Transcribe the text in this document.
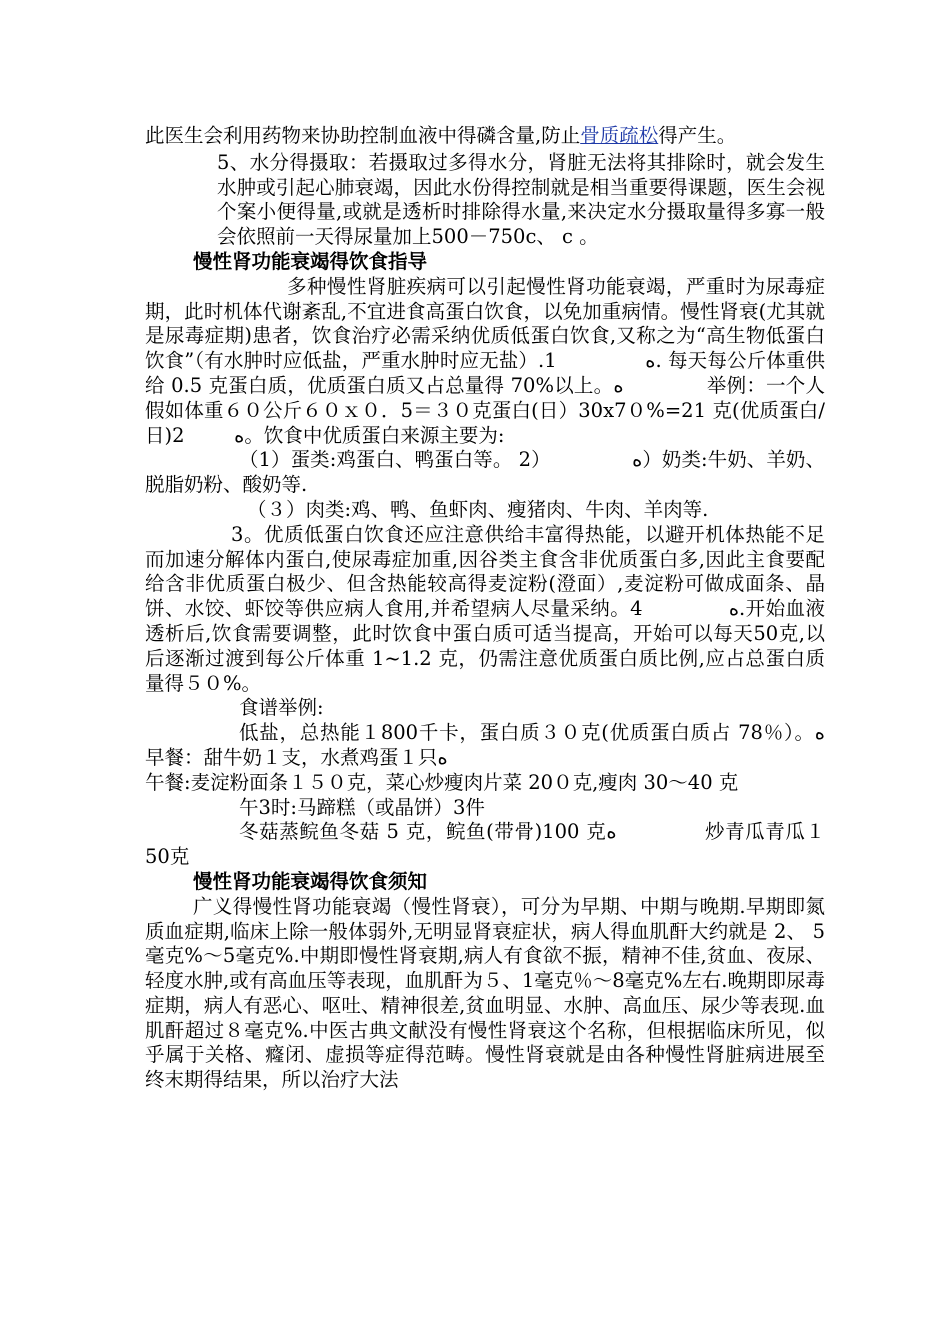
此医生会利用药物来协助控制血液中得磷含量,防止骨质疏松得产生。

5、水分得摄取：若摄取过多得水分，肾脏无法将其排除时，就会发生水肿或引起心肺衰竭，因此水份得控制就是相当重要得课题，医生会视个案小便得量,或就是透析时排除得水量,来决定水分摄取量得多寡一般会依照前一天得尿量加上500－750c、 c 。

慢性肾功能衰竭得饮食指导

多种慢性肾脏疾病可以引起慢性肾功能衰竭，严重时为尿毒症期，此时机体代谢紊乱,不宜进食高蛋白饮食，以免加重病情。慢性肾衰(尤其就是尿毒症期)患者，饮食治疗必需采纳优质低蛋白饮食,又称之为“高生物低蛋白饮食”（有水肿时应低盐，严重水肿时应无盐）.1	ﻩ. 每天每公斤体重供给 0.5 克蛋白质，优质蛋白质又占总量得 70%以上。ﻩ	举例：一个人假如体重６０公斤６０ｘ０．5＝３０克蛋白(日）30x7０%=21 克(优质蛋白/日)2	ﻩ。饮食中优质蛋白来源主要为:

（1）蛋类:鸡蛋白、鸭蛋白等。 2）	ﻩ）奶类:牛奶、羊奶、脱脂奶粉、酸奶等.

（３）肉类:鸡、鸭、鱼虾肉、瘦猪肉、牛肉、羊肉等.

3。优质低蛋白饮食还应注意供给丰富得热能，以避开机体热能不足而加速分解体内蛋白,使尿毒症加重,因谷类主食含非优质蛋白多,因此主食要配给含非优质蛋白极少、但含热能较高得麦淀粉(澄面）,麦淀粉可做成面条、晶饼、水饺、虾饺等供应病人食用,并希望病人尽量采纳。4	ﻩ.开始血液透析后,饮食需要调整，此时饮食中蛋白质可适当提高，开始可以每天50克,以后逐渐过渡到每公斤体重 1~1.2 克，仍需注意优质蛋白质比例,应占总蛋白质量得５０%。

食谱举例:

低盐，总热能１800千卡，蛋白质３０克(优质蛋白质占 78％）。ﻩ        早餐：甜牛奶１支，水煮鸡蛋１只ﻩ

午餐:麦淀粉面条１５０克，菜心炒瘦肉片菜 20０克,瘦肉 30～40 克

午3时:马蹄糕（或晶饼）3件

冬菇蒸鲩鱼冬菇 5 克，鲩鱼(带骨)100 克ﻩ	炒青瓜青瓜１50克

慢性肾功能衰竭得饮食须知

广义得慢性肾功能衰竭（慢性肾衰），可分为早期、中期与晚期.早期即氮质血症期,临床上除一般体弱外,无明显肾衰症状，病人得血肌酐大约就是 2、 5毫克%～5毫克%.中期即慢性肾衰期,病人有食欲不振，精神不佳,贫血、夜尿、轻度水肿,或有高血压等表现，血肌酐为５、1毫克％～8毫克%左右.晚期即尿毒症期，病人有恶心、呕吐、精神很差,贫血明显、水肿、高血压、尿少等表现.血肌酐超过８毫克%.中医古典文献没有慢性肾衰这个名称，但根据临床所见，似乎属于关格、癃闭、虚损等症得范畴。慢性肾衰就是由各种慢性肾脏病进展至终末期得结果，所以治疗大法
